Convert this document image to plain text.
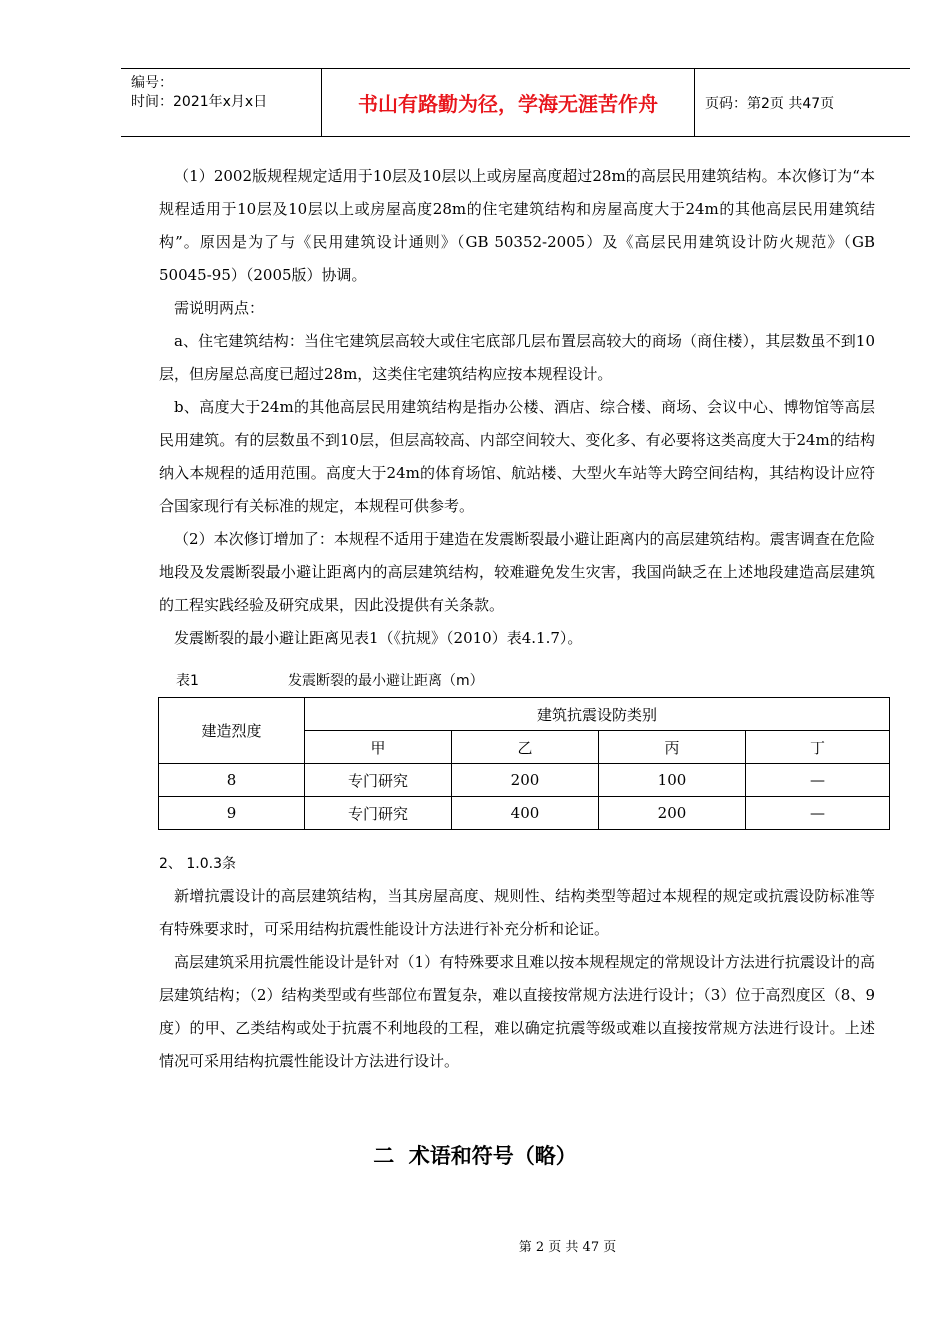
编号：
时间：2021年x月x日	书山有路勤为径，学海无涯苦作舟	页码：第2页 共47页

（1）2002版规程规定适用于10层及10层以上或房屋高度超过28m的高层民用建筑结构。本次修订为“本规程适用于10层及10层以上或房屋高度28m的住宅建筑结构和房屋高度大于24m的其他高层民用建筑结构”。原因是为了与《民用建筑设计通则》（GB 50352-2005）及《高层民用建筑设计防火规范》（GB 50045-95）（2005版）协调。

需说明两点：

a、住宅建筑结构：当住宅建筑层高较大或住宅底部几层布置层高较大的商场（商住楼），其层数虽不到10层，但房屋总高度已超过28m，这类住宅建筑结构应按本规程设计。

b、高度大于24m的其他高层民用建筑结构是指办公楼、酒店、综合楼、商场、会议中心、博物馆等高层民用建筑。有的层数虽不到10层，但层高较高、内部空间较大、变化多、有必要将这类高度大于24m的结构纳入本规程的适用范围。高度大于24m的体育场馆、航站楼、大型火车站等大跨空间结构，其结构设计应符合国家现行有关标准的规定，本规程可供参考。

（2）本次修订增加了：本规程不适用于建造在发震断裂最小避让距离内的高层建筑结构。震害调查在危险地段及发震断裂最小避让距离内的高层建筑结构，较难避免发生灾害，我国尚缺乏在上述地段建造高层建筑的工程实践经验及研究成果，因此没提供有关条款。

发震断裂的最小避让距离见表1（《抗规》（2010）表4.1.7）。

表1	发震断裂的最小避让距离（m）
建造烈度	建筑抗震设防类别			
	甲	乙	丙	丁
8	专门研究	200	100	—
9	专门研究	400	200	—
2、 1.0.3条

新增抗震设计的高层建筑结构，当其房屋高度、规则性、结构类型等超过本规程的规定或抗震设防标准等有特殊要求时，可采用结构抗震性能设计方法进行补充分析和论证。

高层建筑采用抗震性能设计是针对（1）有特殊要求且难以按本规程规定的常规设计方法进行抗震设计的高层建筑结构；（2）结构类型或有些部位布置复杂，难以直接按常规方法进行设计；（3）位于高烈度区（8、9度）的甲、乙类结构或处于抗震不利地段的工程，难以确定抗震等级或难以直接按常规方法进行设计。上述情况可采用结构抗震性能设计方法进行设计。

二  术语和符号（略）
第 2 页 共 47 页
